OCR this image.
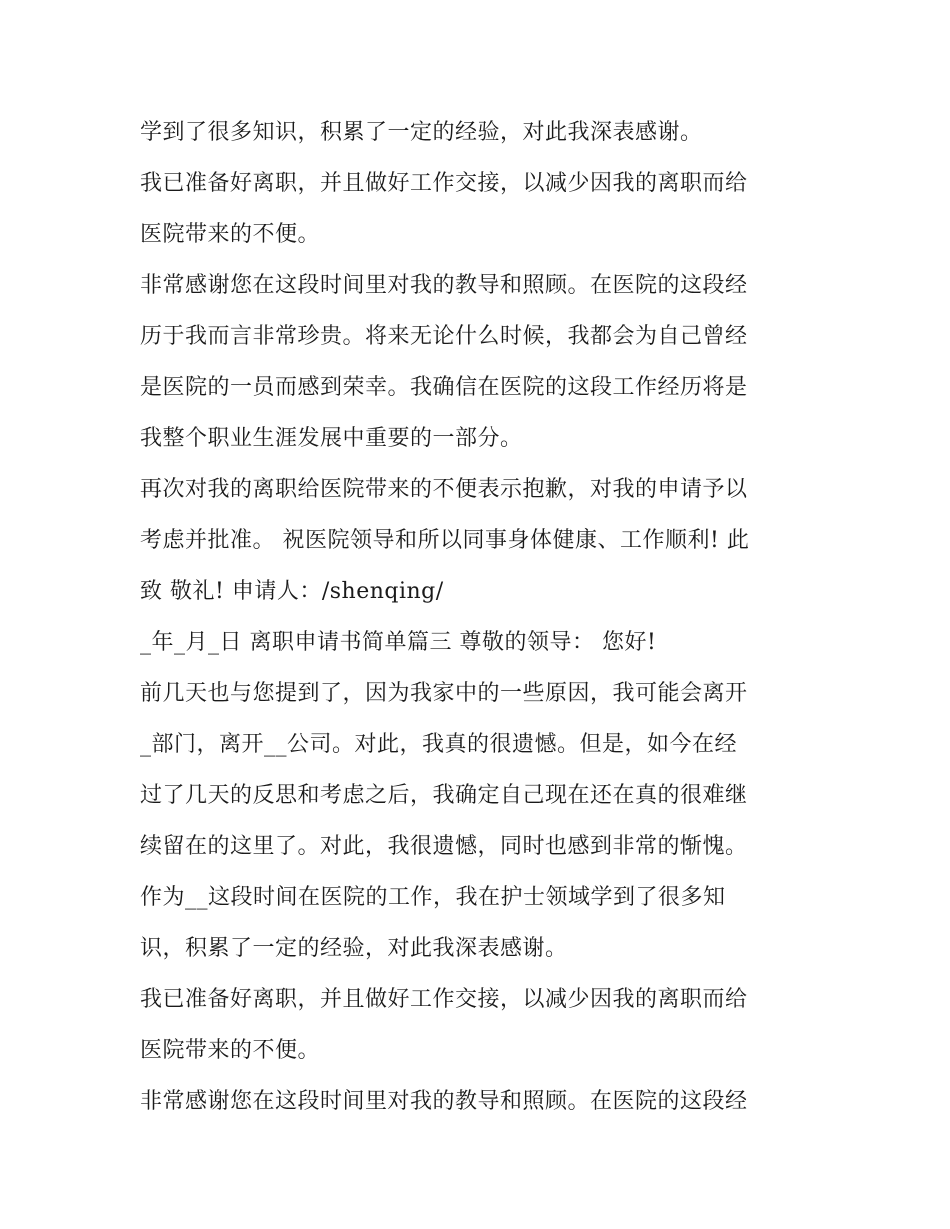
学到了很多知识，积累了一定的经验，对此我深表感谢。
我已准备好离职，并且做好工作交接，以减少因我的离职而给
医院带来的不便。
非常感谢您在这段时间里对我的教导和照顾。在医院的这段经
历于我而言非常珍贵。将来无论什么时候，我都会为自己曾经
是医院的一员而感到荣幸。我确信在医院的这段工作经历将是
我整个职业生涯发展中重要的一部分。
再次对我的离职给医院带来的不便表示抱歉，对我的申请予以
考虑并批准。 祝医院领导和所以同事身体健康、工作顺利! 此
致 敬礼! 申请人：/shenqing/
_年_月_日 离职申请书简单篇三 尊敬的领导： 您好!
前几天也与您提到了，因为我家中的一些原因，我可能会离开
_部门，离开__公司。对此，我真的很遗憾。但是，如今在经
过了几天的反思和考虑之后，我确定自己现在还在真的很难继
续留在的这里了。对此，我很遗憾，同时也感到非常的惭愧。
作为__这段时间在医院的工作，我在护士领域学到了很多知
识，积累了一定的经验，对此我深表感谢。
我已准备好离职，并且做好工作交接，以减少因我的离职而给
医院带来的不便。
非常感谢您在这段时间里对我的教导和照顾。在医院的这段经
